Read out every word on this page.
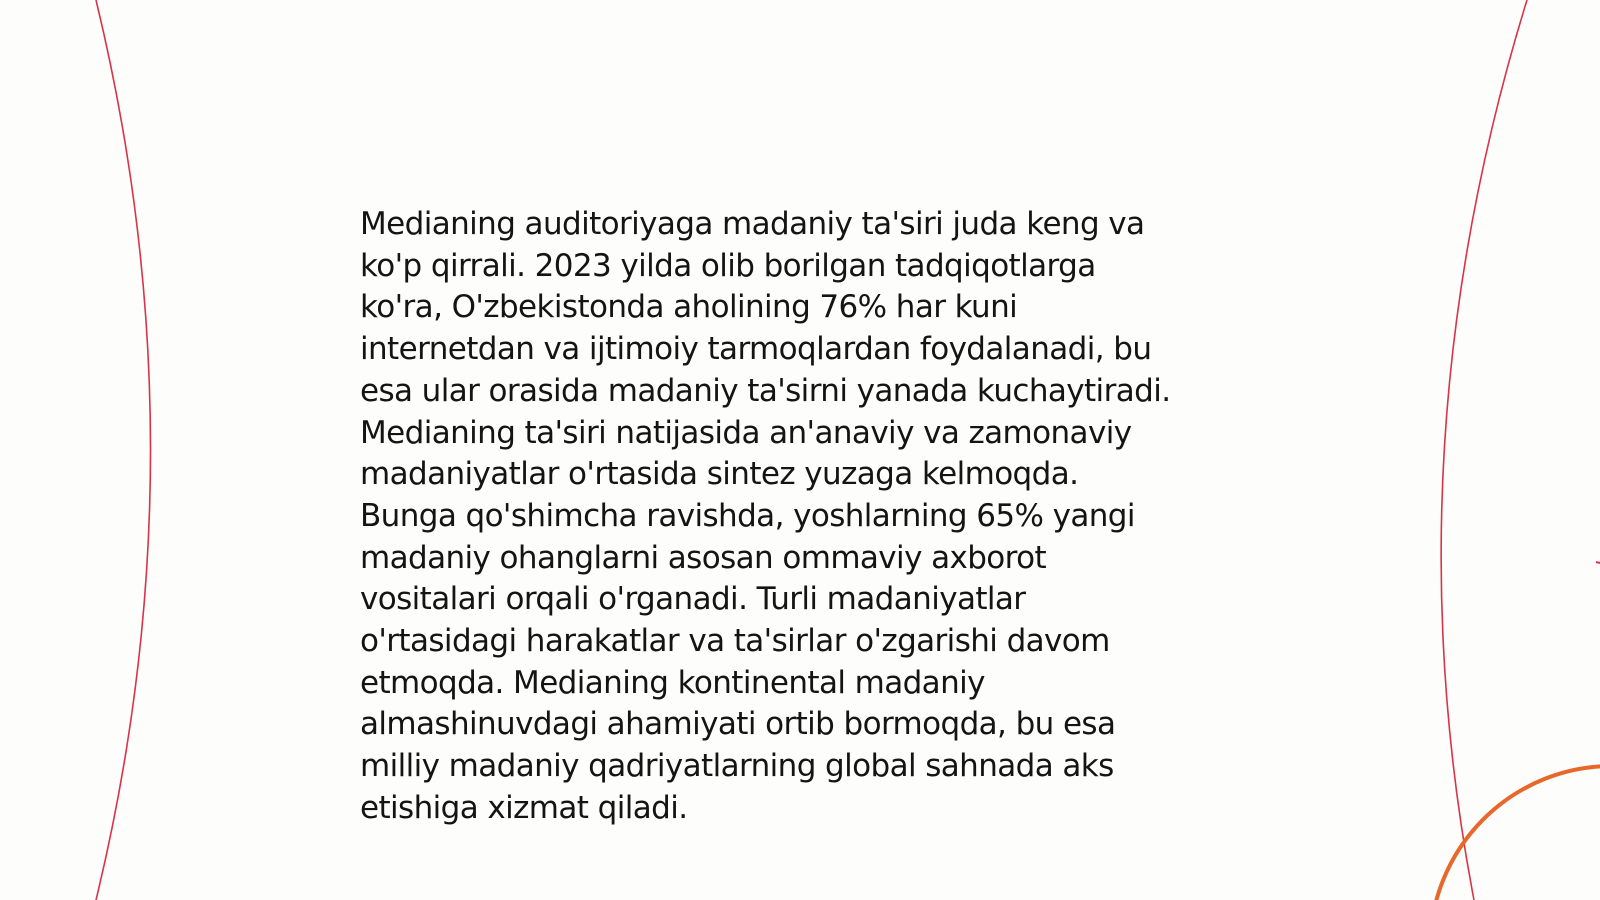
Medianing auditoriyaga madaniy ta'siri juda keng va
ko'p qirrali. 2023 yilda olib borilgan tadqiqotlarga
ko'ra, O'zbekistonda aholining 76% har kuni
internetdan va ijtimoiy tarmoqlardan foydalanadi, bu
esa ular orasida madaniy ta'sirni yanada kuchaytiradi.
Medianing ta'siri natijasida an'anaviy va zamonaviy
madaniyatlar o'rtasida sintez yuzaga kelmoqda.
Bunga qo'shimcha ravishda, yoshlarning 65% yangi
madaniy ohanglarni asosan ommaviy axborot
vositalari orqali o'rganadi. Turli madaniyatlar
o'rtasidagi harakatlar va ta'sirlar o'zgarishi davom
etmoqda. Medianing kontinental madaniy
almashinuvdagi ahamiyati ortib bormoqda, bu esa
milliy madaniy qadriyatlarning global sahnada aks
etishiga xizmat qiladi.
